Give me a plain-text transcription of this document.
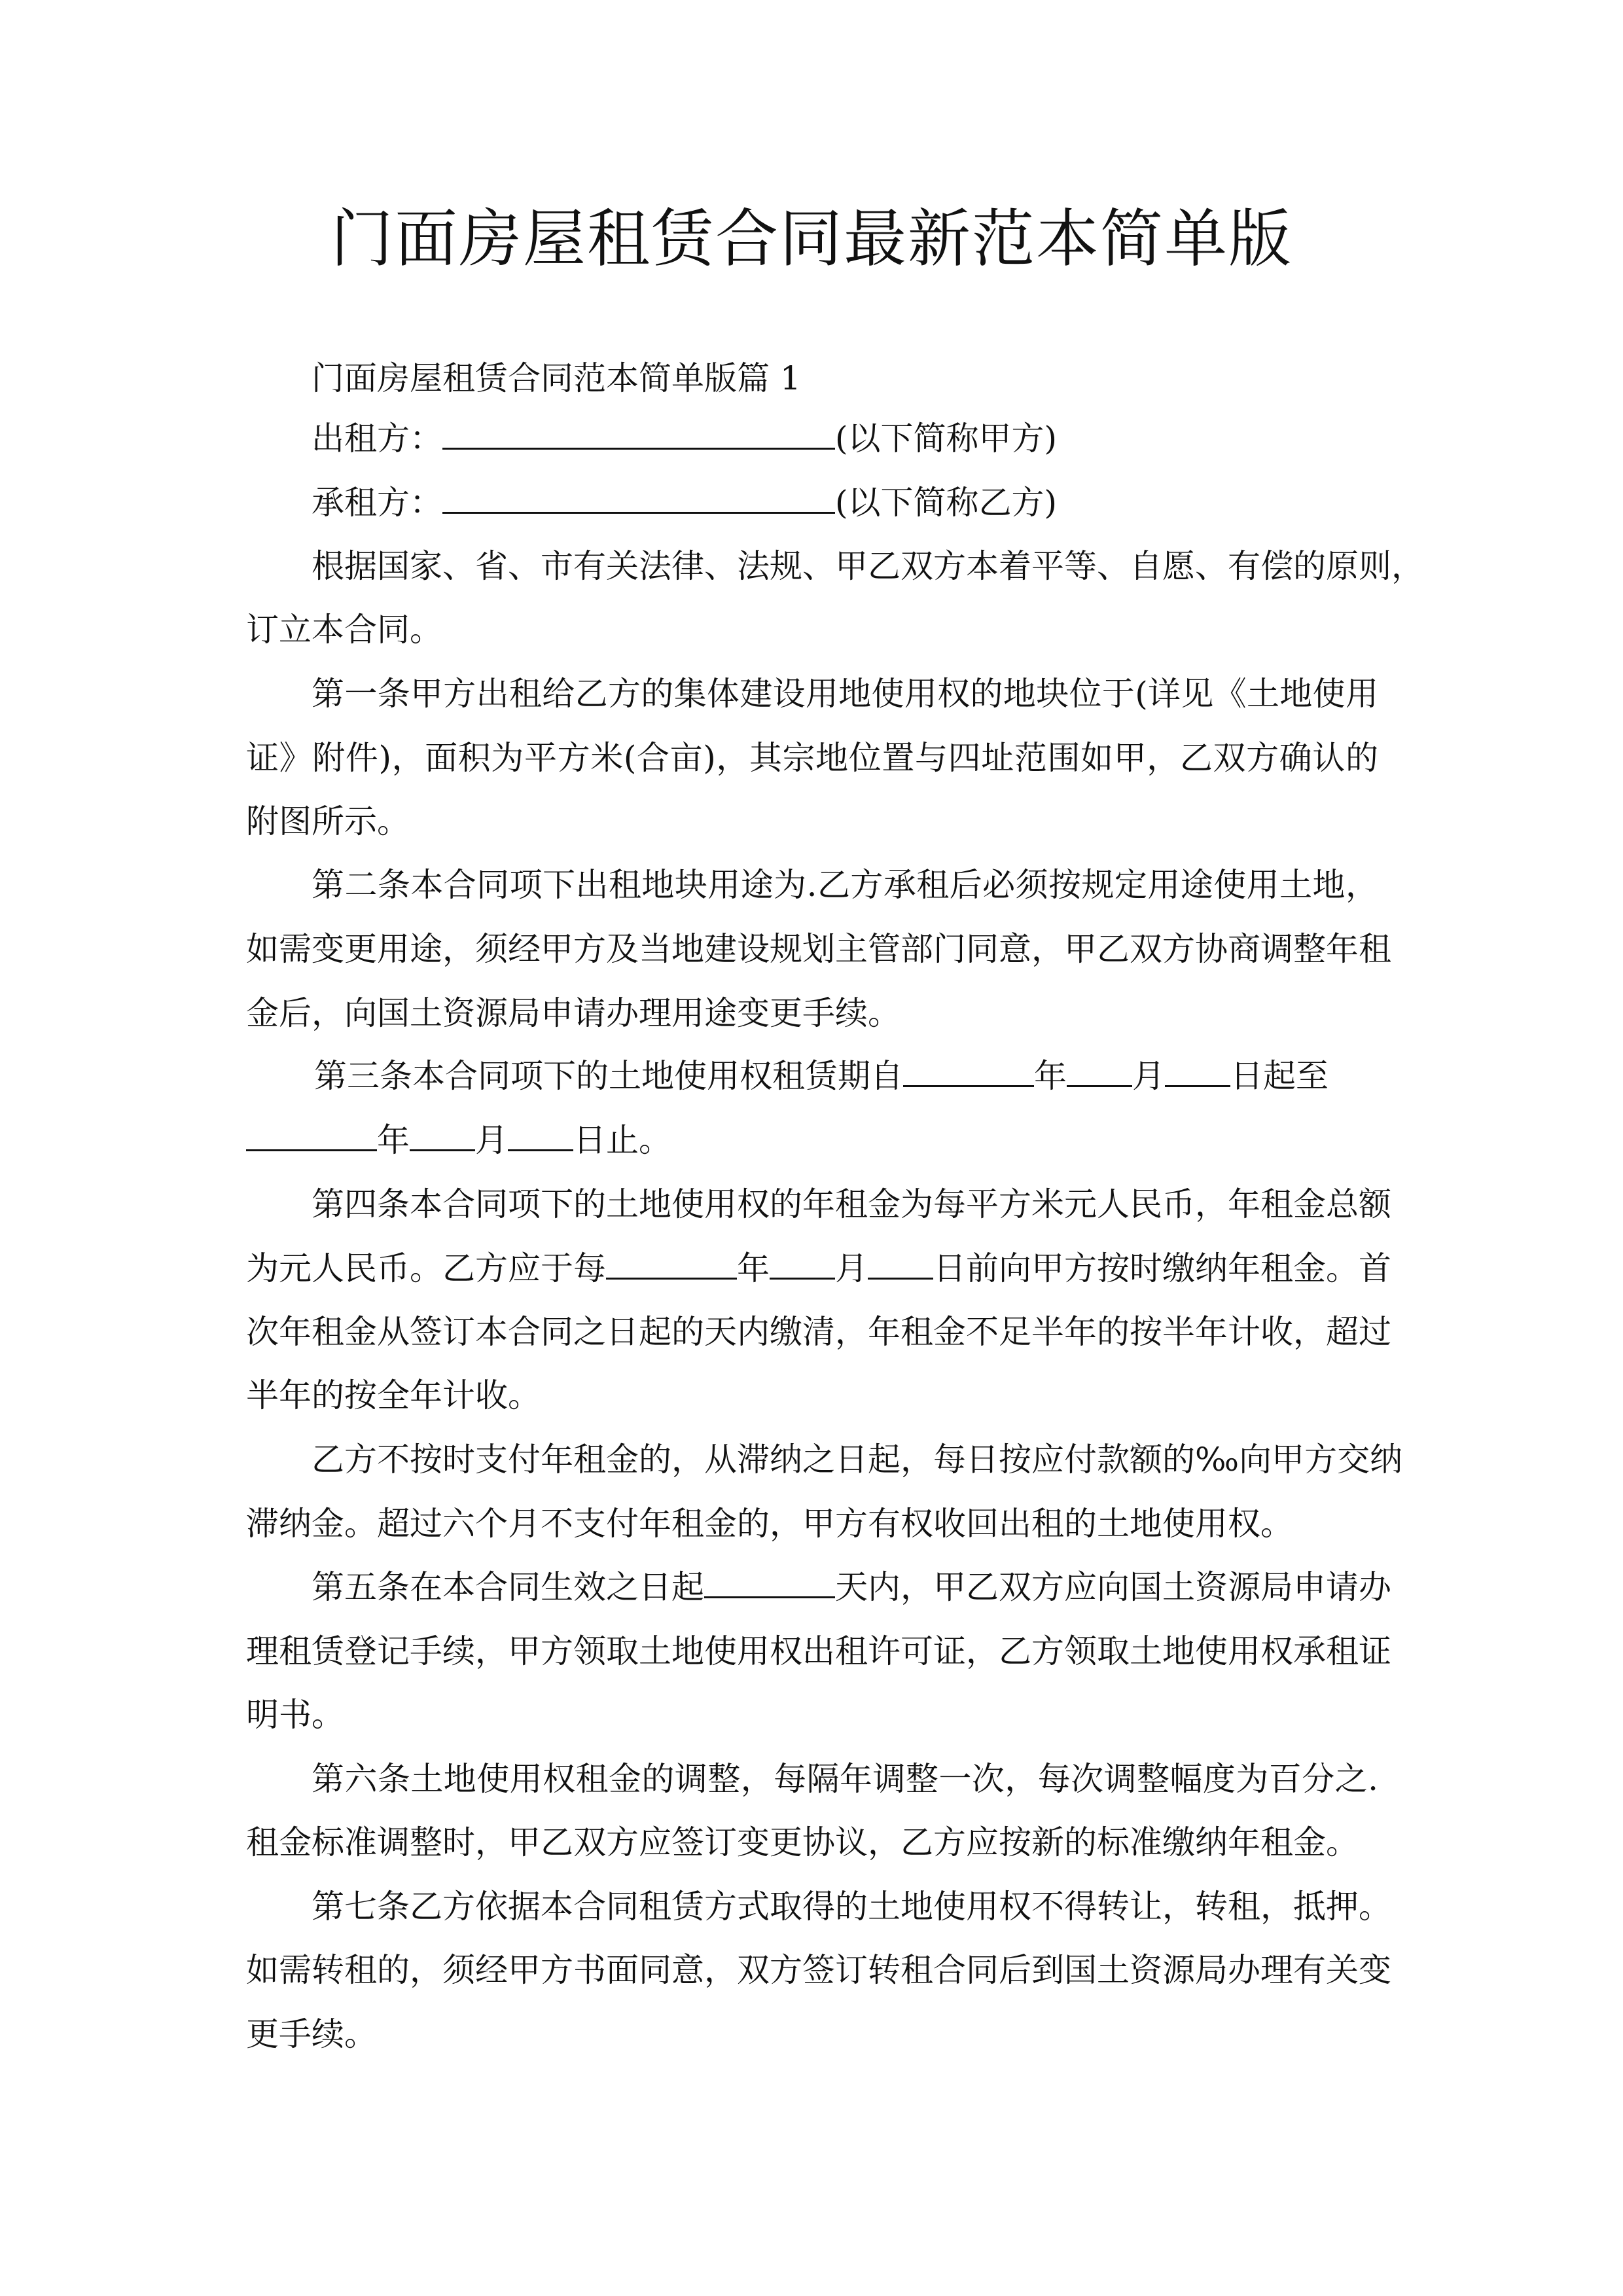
门面房屋租赁合同最新范本简单版
门面房屋租赁合同范本简单版篇 1
出租方：	(以下简称甲方)
承租方：	(以下简称乙方)
根据国家、省、市有关法律、法规、甲乙双方本着平等、自愿、有偿的原则，
订立本合同。
第一条甲方出租给乙方的集体建设用地使用权的地块位于(详见《土地使用
证》附件)，面积为平方米(合亩)，其宗地位置与四址范围如甲，乙双方确认的
附图所示。
第二条本合同项下出租地块用途为.乙方承租后必须按规定用途使用土地，
如需变更用途，须经甲方及当地建设规划主管部门同意，甲乙双方协商调整年租
金后，向国土资源局申请办理用途变更手续。
第三条本合同项下的土地使用权租赁期自	年 月 日起至
年 月 日止。
第四条本合同项下的土地使用权的年租金为每平方米元人民币，年租金总额
为元人民币。乙方应于每	年 月 日前向甲方按时缴纳年租金。首
次年租金从签订本合同之日起的天内缴清，年租金不足半年的按半年计收，超过
半年的按全年计收。
乙方不按时支付年租金的，从滞纳之日起，每日按应付款额的‰向甲方交纳
滞纳金。超过六个月不支付年租金的，甲方有权收回出租的土地使用权。
第五条在本合同生效之日起	天内，甲乙双方应向国土资源局申请办
理租赁登记手续，甲方领取土地使用权出租许可证，乙方领取土地使用权承租证
明书。
第六条土地使用权租金的调整，每隔年调整一次，每次调整幅度为百分之.
租金标准调整时，甲乙双方应签订变更协议，乙方应按新的标准缴纳年租金。
第七条乙方依据本合同租赁方式取得的土地使用权不得转让，转租，抵押。
如需转租的，须经甲方书面同意，双方签订转租合同后到国土资源局办理有关变
更手续。
